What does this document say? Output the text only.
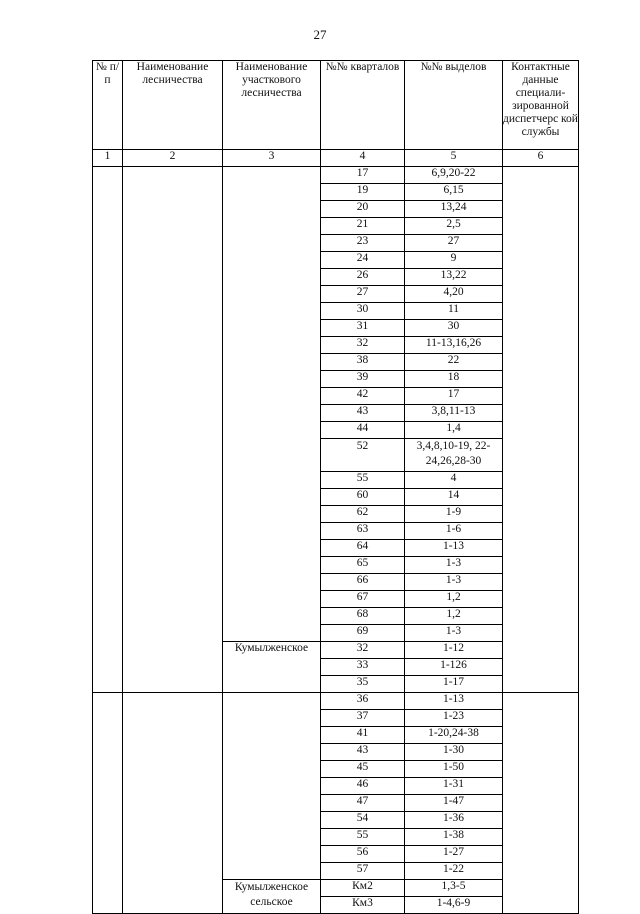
27
№ п/п	Наименование лесничества	Наименование участкового лесничества	№№ кварталов	№№ выделов	Контактные данные специали-зированной диспетчерс кой службы
1	2	3	4	5	6
			17	6,9,20-22	
			19	6,15	
			20	13,24	
			21	2,5	
			23	27	
			24	9	
			26	13,22	
			27	4,20	
			30	11	
			31	30	
			32	11-13,16,26	
			38	22	
			39	18	
			42	17	
			43	3,8,11-13	
			44	1,4	
			52	3,4,8,10-19, 22-24,26,28-30	
			55	4	
			60	14	
			62	1-9	
			63	1-6	
			64	1-13	
			65	1-3	
			66	1-3	
			67	1,2	
			68	1,2	
			69	1-3	
		Кумылженское	32	1-12	
			33	1-126	
			35	1-17	
			36	1-13	
			37	1-23	
			41	1-20,24-38	
			43	1-30	
			45	1-50	
			46	1-31	
			47	1-47	
			54	1-36	
			55	1-38	
			56	1-27	
			57	1-22	
		Кумылженское сельское	Км2	1,3-5	
			Км3	1-4,6-9	
